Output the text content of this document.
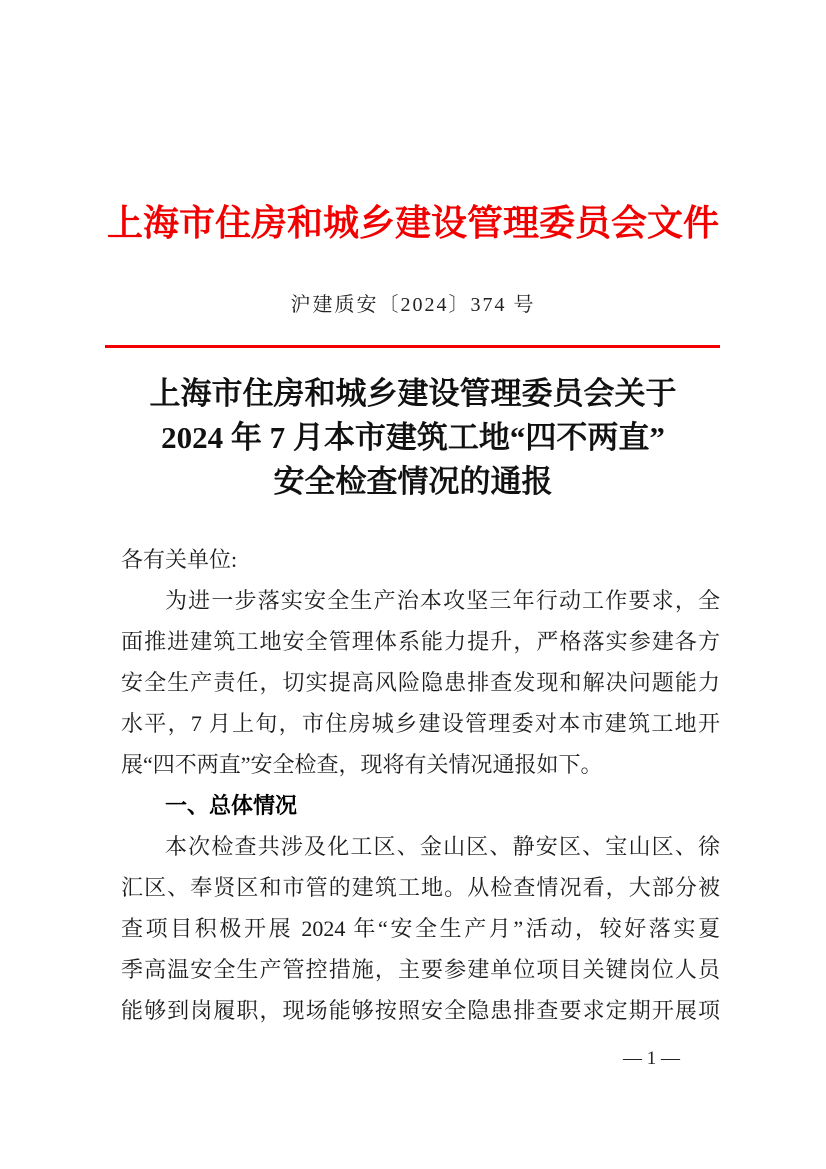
上海市住房和城乡建设管理委员会文件
沪建质安〔2024〕374 号
上海市住房和城乡建设管理委员会关于
2024 年 7 月本市建筑工地“四不两直”
安全检查情况的通报
各有关单位:
为进一步落实安全生产治本攻坚三年行动工作要求，全
面推进建筑工地安全管理体系能力提升，严格落实参建各方
安全生产责任，切实提高风险隐患排查发现和解决问题能力
水平，7 月上旬，市住房城乡建设管理委对本市建筑工地开
展“四不两直”安全检查，现将有关情况通报如下。
一、总体情况
本次检查共涉及化工区、金山区、静安区、宝山区、徐
汇区、奉贤区和市管的建筑工地。从检查情况看，大部分被
查项目积极开展 2024 年“安全生产月”活动，较好落实夏
季高温安全生产管控措施，主要参建单位项目关键岗位人员
能够到岗履职，现场能够按照安全隐患排查要求定期开展项
— 1 —
